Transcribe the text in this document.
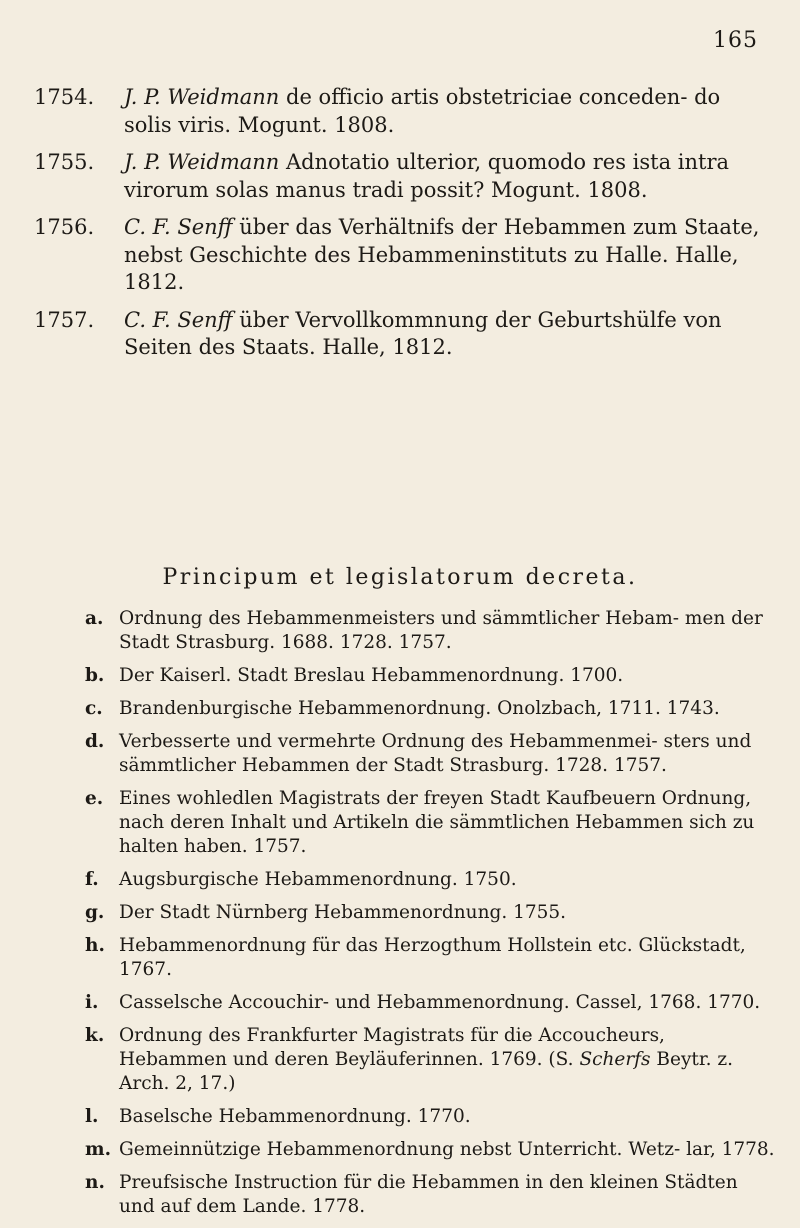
165
1754. J. P. Weidmann de officio artis obstetriciae conceden- do solis viris. Mogunt. 1808.
1755. J. P. Weidmann Adnotatio ulterior, quomodo res ista intra virorum solas manus tradi possit? Mogunt. 1808.
1756. C. F. Senff über das Verhältnifs der Hebammen zum Staate, nebst Geschichte des Hebammeninstituts zu Halle. Halle, 1812.
1757. C. F. Senff über Vervollkommnung der Geburtshülfe von Seiten des Staats. Halle, 1812.
Principum et legislatorum decreta.
a. Ordnung des Hebammenmeisters und sämmtlicher Hebam- men der Stadt Strasburg. 1688. 1728. 1757.
b. Der Kaiserl. Stadt Breslau Hebammenordnung. 1700.
c. Brandenburgische Hebammenordnung. Onolzbach, 1711. 1743.
d. Verbesserte und vermehrte Ordnung des Hebammenmei- sters und sämmtlicher Hebammen der Stadt Strasburg. 1728. 1757.
e. Eines wohledlen Magistrats der freyen Stadt Kaufbeuern Ordnung, nach deren Inhalt und Artikeln die sämmtlichen Hebammen sich zu halten haben. 1757.
f. Augsburgische Hebammenordnung. 1750.
g. Der Stadt Nürnberg Hebammenordnung. 1755.
h. Hebammenordnung für das Herzogthum Hollstein etc. Glückstadt, 1767.
i. Casselsche Accouchir- und Hebammenordnung. Cassel, 1768. 1770.
k. Ordnung des Frankfurter Magistrats für die Accoucheurs, Hebammen und deren Beyläuferinnen. 1769. (S. Scherfs Beytr. z. Arch. 2, 17.)
l. Baselsche Hebammenordnung. 1770.
m. Gemeinnützige Hebammenordnung nebst Unterricht. Wetz- lar, 1778.
n. Preufsische Instruction für die Hebammen in den kleinen Städten und auf dem Lande. 1778.
